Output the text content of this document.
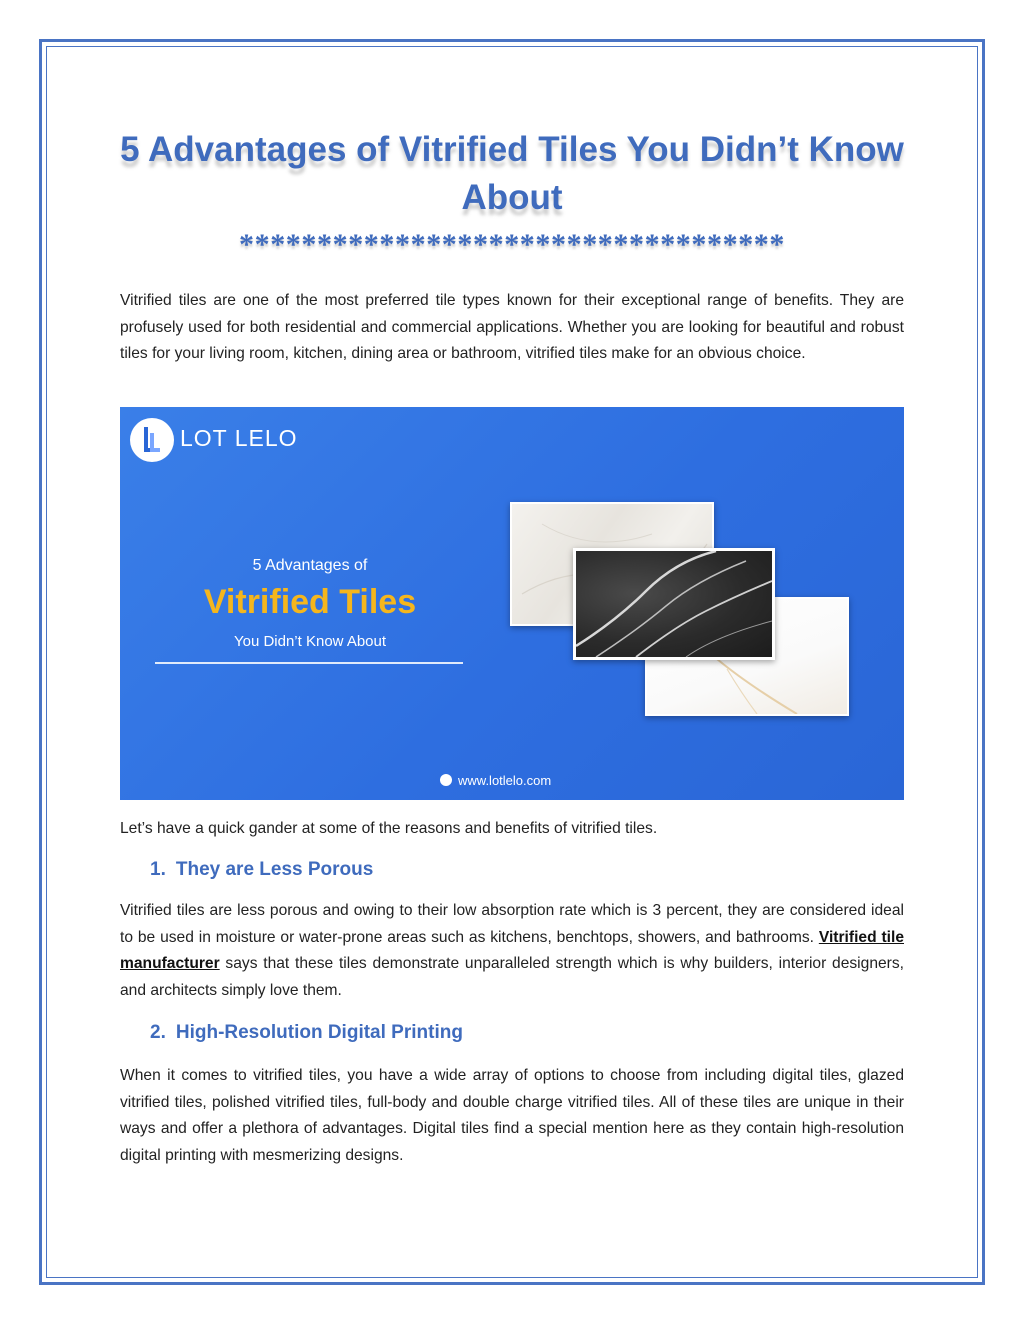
5 Advantages of Vitrified Tiles You Didn’t Know About
***********************************

Vitrified tiles are one of the most preferred tile types known for their exceptional range of benefits. They are profusely used for both residential and commercial applications. Whether you are looking for beautiful and robust tiles for your living room, kitchen, dining area or bathroom, vitrified tiles make for an obvious choice.

LOT LELO
5 Advantages of
Vitrified Tiles
You Didn’t Know About
www.lotlelo.com

Let’s have a quick gander at some of the reasons and benefits of vitrified tiles.

1. They are Less Porous

Vitrified tiles are less porous and owing to their low absorption rate which is 3 percent, they are considered ideal to be used in moisture or water-prone areas such as kitchens, benchtops, showers, and bathrooms. Vitrified tile manufacturer says that these tiles demonstrate unparalleled strength which is why builders, interior designers, and architects simply love them.

2. High-Resolution Digital Printing

When it comes to vitrified tiles, you have a wide array of options to choose from including digital tiles, glazed vitrified tiles, polished vitrified tiles, full-body and double charge vitrified tiles. All of these tiles are unique in their ways and offer a plethora of advantages. Digital tiles find a special mention here as they contain high-resolution digital printing with mesmerizing designs.
